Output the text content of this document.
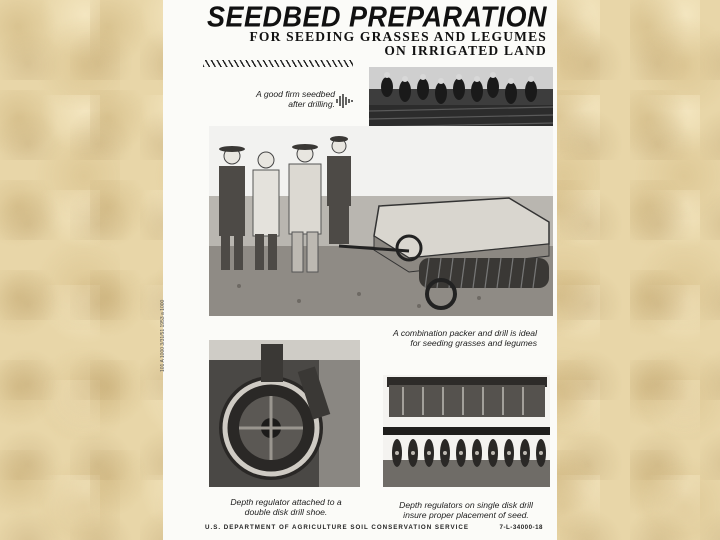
SEEDBED PREPARATION
FOR SEEDING GRASSES AND LEGUMES
ON IRRIGATED LAND
A good firm seedbed
after drilling.
A combination packer and drill is ideal
for seeding grasses and legumes
101 A 1000 3/31/51 1953 a 1000
Depth regulator attached to a
double disk drill shoe.
Depth regulators on single disk drill
insure proper placement of seed.
U.S. DEPARTMENT OF AGRICULTURE SOIL CONSERVATION SERVICE	7-L-34000-18
